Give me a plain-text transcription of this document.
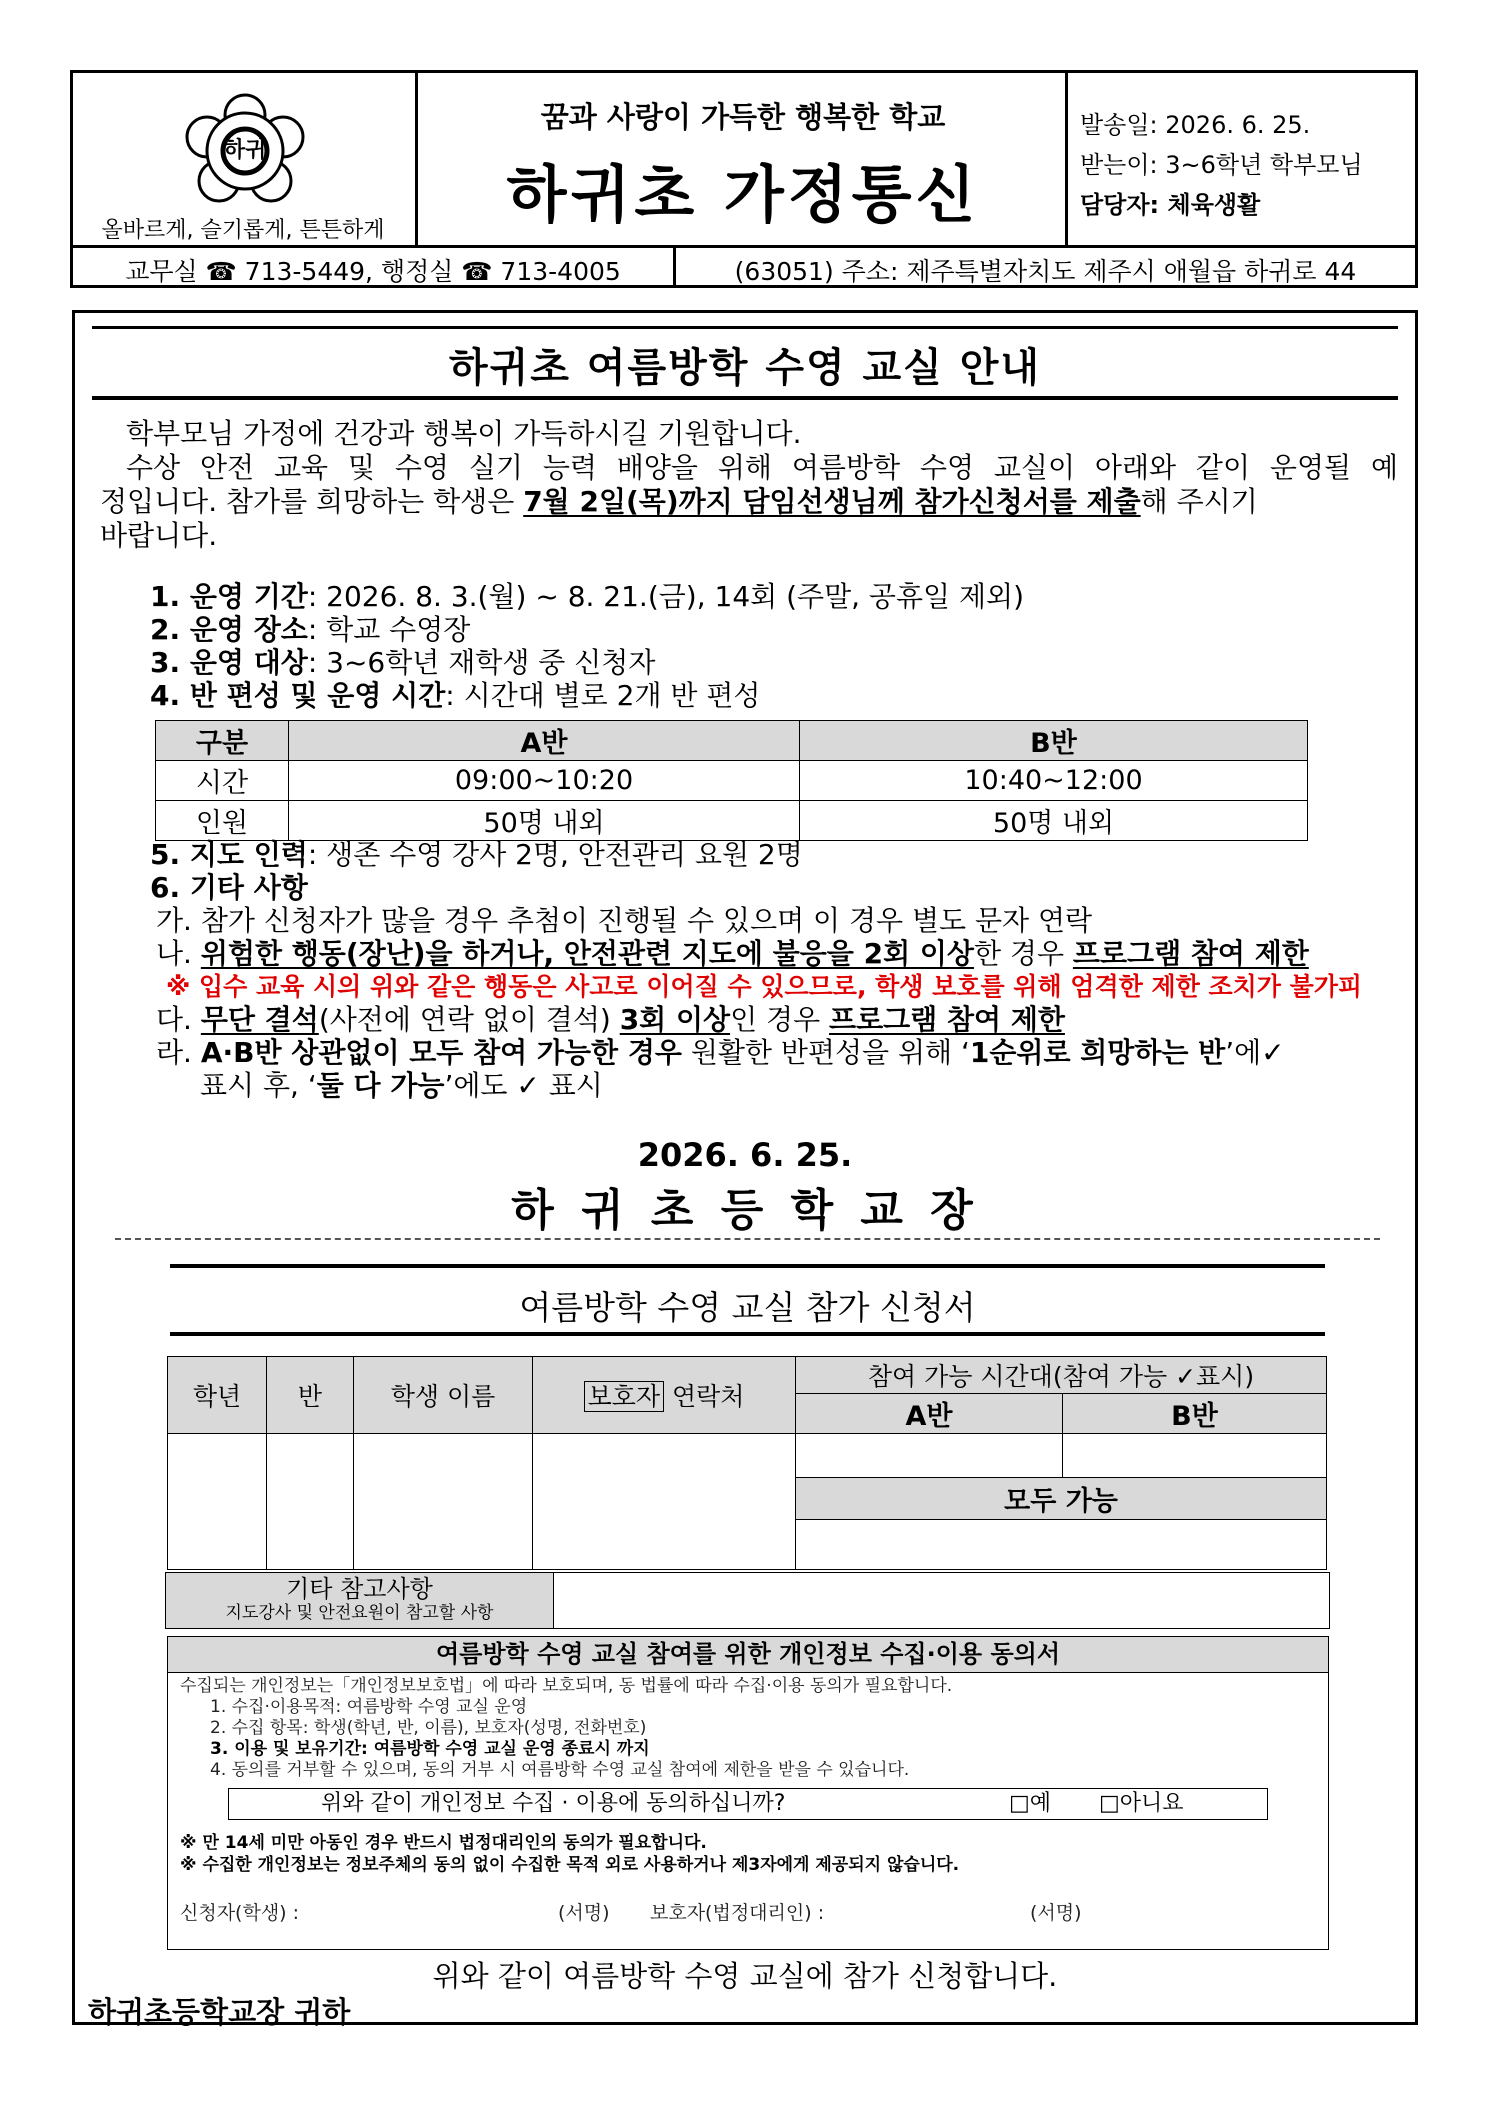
하귀
올바르게, 슬기롭게, 튼튼하게
꿈과 사랑이 가득한 행복한 학교
하귀초 가정통신
발송일: 2026. 6. 25.
받는이: 3~6학년 학부모님
담당자: 체육생활
교무실 ☎ 713-5449, 행정실 ☎ 713-4005	(63051) 주소: 제주특별자치도 제주시 애월읍 하귀로 44
하귀초 여름방학 수영 교실 안내
학부모님 가정에 건강과 행복이 가득하시길 기원합니다.
수상 안전 교육 및 수영 실기 능력 배양을 위해 여름방학 수영 교실이 아래와 같이 운영될 예
정입니다. 참가를 희망하는 학생은 7월 2일(목)까지 담임선생님께 참가신청서를 제출해 주시기
바랍니다.
1. 운영 기간: 2026. 8. 3.(월) ~ 8. 21.(금), 14회 (주말, 공휴일 제외)
2. 운영 장소: 학교 수영장
3. 운영 대상: 3~6학년 재학생 중 신청자
4. 반 편성 및 운영 시간: 시간대 별로 2개 반 편성
구분	A반	B반
시간	09:00~10:20	10:40~12:00
인원	50명 내외	50명 내외
5. 지도 인력: 생존 수영 강사 2명, 안전관리 요원 2명
6. 기타 사항
가. 참가 신청자가 많을 경우 추첨이 진행될 수 있으며 이 경우 별도 문자 연락
나. 위험한 행동(장난)을 하거나, 안전관련 지도에 불응을 2회 이상한 경우 프로그램 참여 제한
※ 입수 교육 시의 위와 같은 행동은 사고로 이어질 수 있으므로, 학생 보호를 위해 엄격한 제한 조치가 불가피
다. 무단 결석(사전에 연락 없이 결석) 3회 이상인 경우 프로그램 참여 제한
라. A·B반 상관없이 모두 참여 가능한 경우 원활한 반편성을 위해 ‘1순위로 희망하는 반’에✓
표시 후, ‘둘 다 가능’에도 ✓ 표시
2026. 6. 25.
하 귀 초 등 학 교 장
여름방학 수영 교실 참가 신청서
학년	반	학생 이름	보호자 연락처	참여 가능 시간대(참여 가능 ✓표시)	
				A반	B반

				모두 가능	

기타 참고사항
지도강사 및 안전요원이 참고할 사항

여름방학 수영 교실 참여를 위한 개인정보 수집·이용 동의서
수집되는 개인정보는「개인정보보호법」에 따라 보호되며, 동 법률에 따라 수집·이용 동의가 필요합니다.
1. 수집·이용목적: 여름방학 수영 교실 운영
2. 수집 항목: 학생(학년, 반, 이름), 보호자(성명, 전화번호)
3. 이용 및 보유기간: 여름방학 수영 교실 운영 종료시 까지
4. 동의를 거부할 수 있으며, 동의 거부 시 여름방학 수영 교실 참여에 제한을 받을 수 있습니다.
위와 같이 개인정보 수집 · 이용에 동의하십니까?	□예 □아니요
※ 만 14세 미만 아동인 경우 반드시 법정대리인의 동의가 필요합니다.
※ 수집한 개인정보는 정보주체의 동의 없이 수집한 목적 외로 사용하거나 제3자에게 제공되지 않습니다.
신청자(학생) :	(서명) 보호자(법정대리인) :	(서명)
위와 같이 여름방학 수영 교실에 참가 신청합니다.
하귀초등학교장 귀하
